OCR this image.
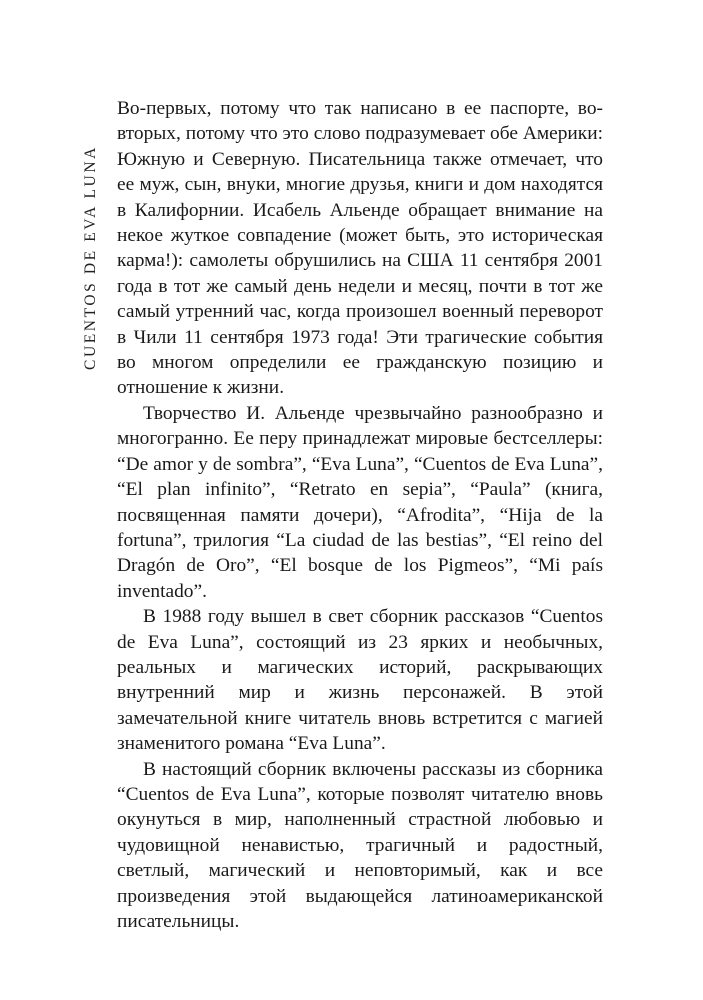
CUENTOS DE EVA LUNA

Во-первых, потому что так написано в ее паспорте, во-вторых, потому что это слово подразумевает обе Америки: Южную и Северную. Писательница также отмечает, что ее муж, сын, внуки, многие друзья, книги и дом находятся в Калифорнии. Исабель Альенде обращает внимание на некое жуткое совпадение (может быть, это историческая карма!): самолеты обрушились на США 11 сентября 2001 года в тот же самый день недели и месяц, почти в тот же самый утренний час, когда произошел военный переворот в Чили 11 сентября 1973 года! Эти трагические события во многом определили ее гражданскую позицию и отношение к жизни.

Творчество И. Альенде чрезвычайно разнообразно и многогранно. Ее перу принадлежат мировые бестселлеры: “De amor y de sombra”, “Eva Luna”, “Cuentos de Eva Luna”, “El plan infinito”, “Retrato en sepia”, “Paula” (книга, посвященная памяти дочери), “Afrodita”, “Hija de la fortuna”, трилогия “La ciudad de las bestias”, “El reino del Dragón de Oro”, “El bosque de los Pigmeos”, “Mi país inventado”.

В 1988 году вышел в свет сборник рассказов “Cuentos de Eva Luna”, состоящий из 23 ярких и необычных, реальных и магических историй, раскрывающих внутренний мир и жизнь персонажей. В этой замечательной книге читатель вновь встретится с магией знаменитого романа “Eva Luna”.

В настоящий сборник включены рассказы из сборника “Cuentos de Eva Luna”, которые позволят читателю вновь окунуться в мир, наполненный страстной любовью и чудовищной ненавистью, трагичный и радостный, светлый, магический и неповторимый, как и все произведения этой выдающейся латиноамериканской писательницы.
